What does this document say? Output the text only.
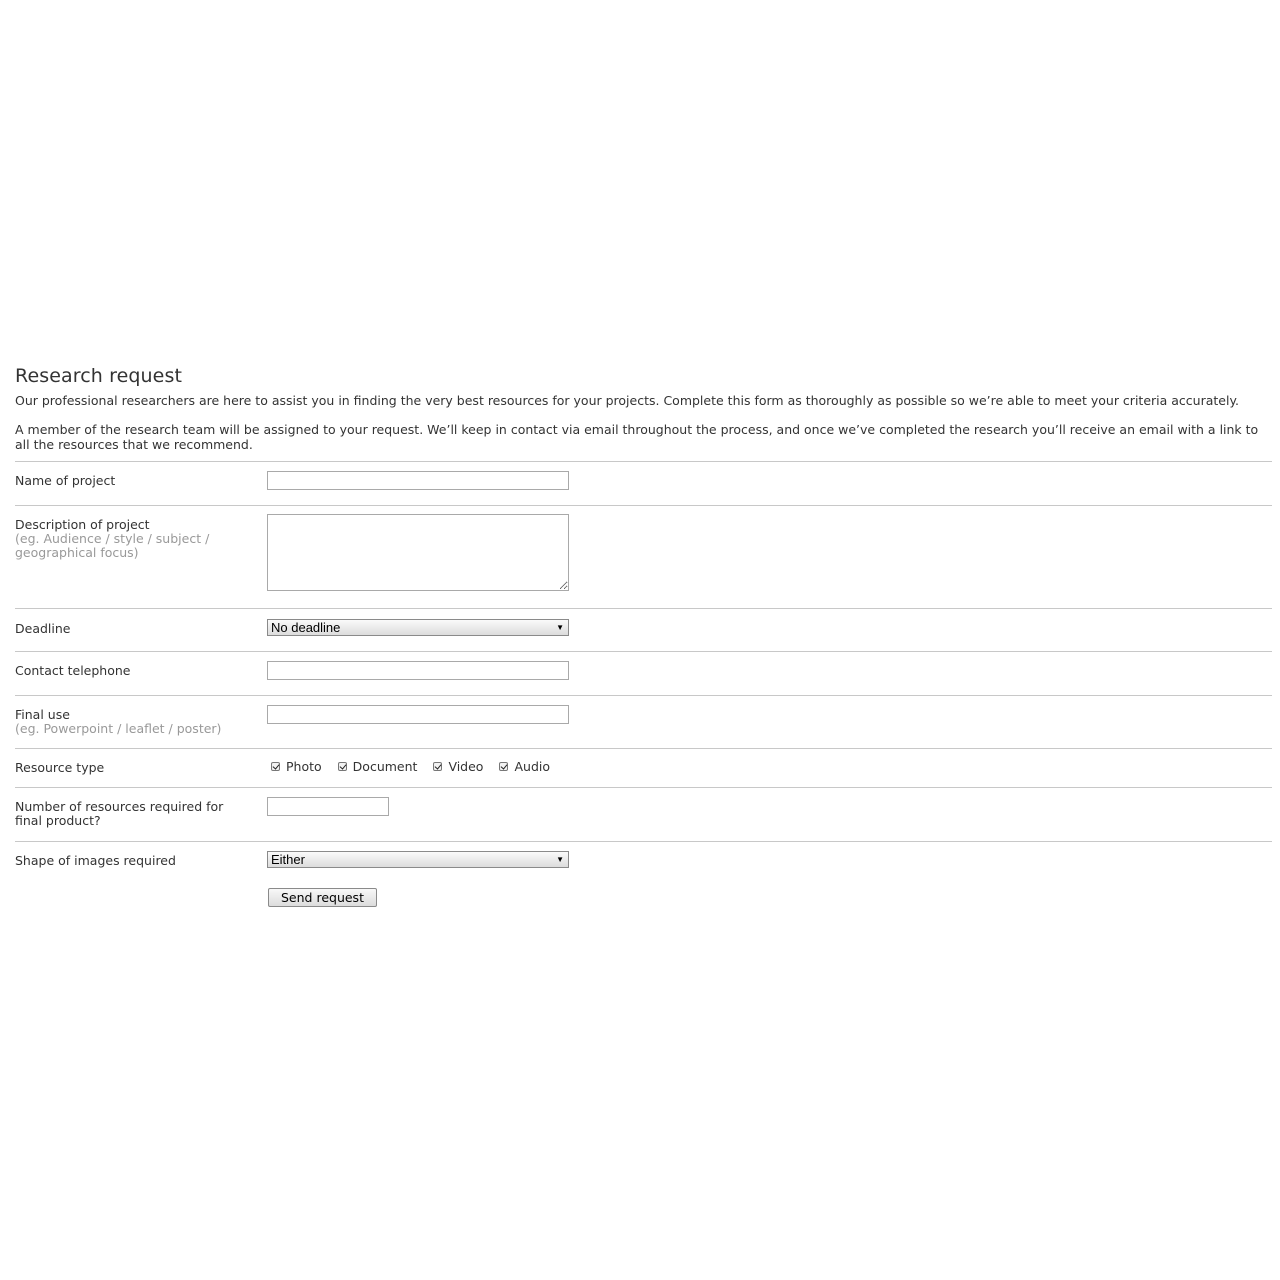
Research request

Our professional researchers are here to assist you in finding the very best resources for your projects. Complete this form as thoroughly as possible so we’re able to meet your criteria accurately.

A member of the research team will be assigned to your request. We’ll keep in contact via email throughout the process, and once we’ve completed the research you’ll receive an email with a link to all the resources that we recommend.

Name of project
Description of project
(eg. Audience / style / subject / geographical focus)
Deadline	No deadline	▼
Contact telephone
Final use
(eg. Powerpoint / leaflet / poster)
Resource type	Photo Document Video Audio
Number of resources required for final product?
Shape of images required	Either	▼
Send request
